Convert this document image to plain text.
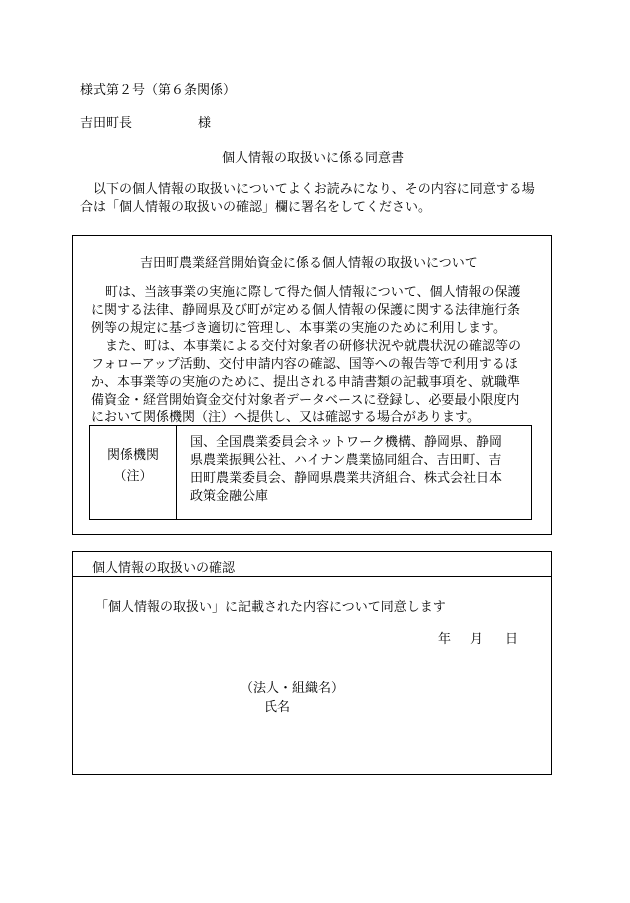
様式第２号（第６条関係）
吉田町長	様
個人情報の取扱いに係る同意書
以下の個人情報の取扱いについてよくお読みになり、その内容に同意する場
合は「個人情報の取扱いの確認」欄に署名をしてください。
吉田町農業経営開始資金に係る個人情報の取扱いについて
町は、当該事業の実施に際して得た個人情報について、個人情報の保護
に関する法律、静岡県及び町が定める個人情報の保護に関する法律施行条
例等の規定に基づき適切に管理し、本事業の実施のために利用します。
また、町は、本事業による交付対象者の研修状況や就農状況の確認等の
フォローアップ活動、交付申請内容の確認、国等への報告等で利用するほ
か、本事業等の実施のために、提出される申請書類の記載事項を、就職準
備資金・経営開始資金交付対象者データベースに登録し、必要最小限度内
において関係機関（注）へ提供し、又は確認する場合があります。
関係機関
（注）
国、全国農業委員会ネットワーク機構、静岡県、静岡
県農業振興公社、ハイナン農業協同組合、吉田町、吉
田町農業委員会、静岡県農業共済組合、株式会社日本
政策金融公庫
個人情報の取扱いの確認
「個人情報の取扱い」に記載された内容について同意します
年 月 日
（法人・組織名）
氏名
